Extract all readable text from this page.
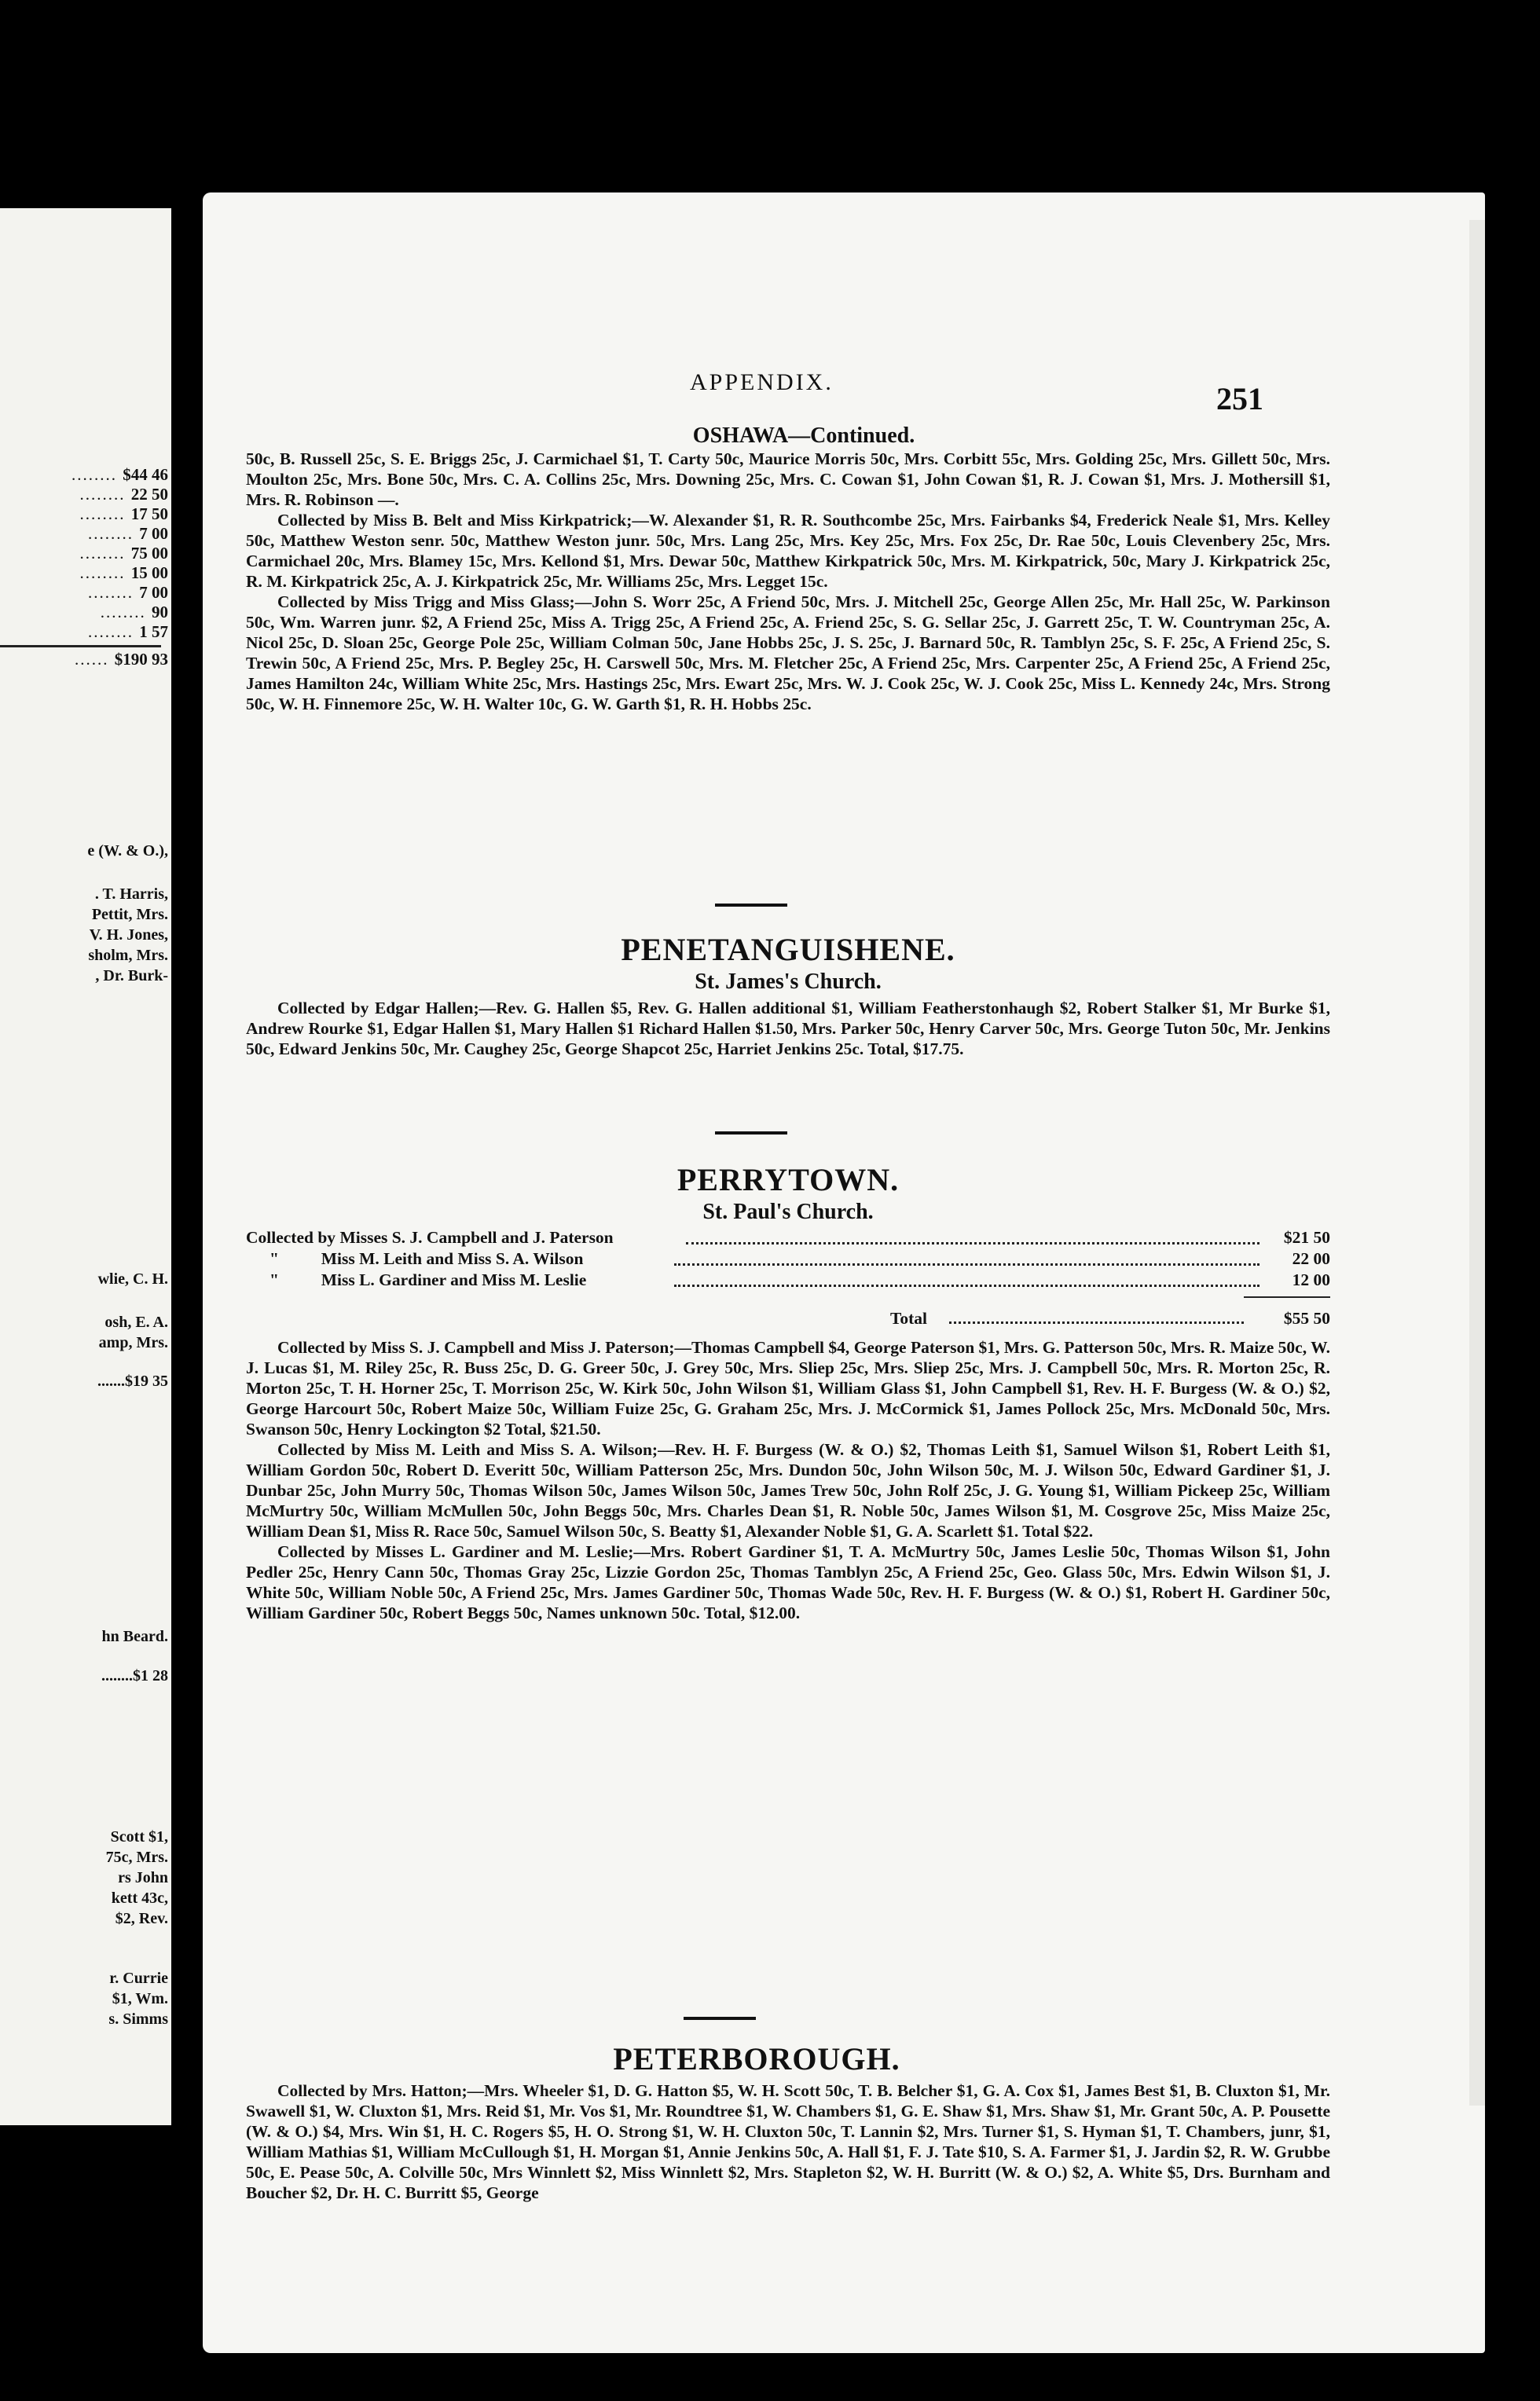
........ $44 46
........ 22 50
........ 17 50
........ 7 00
........ 75 00
........ 15 00
........ 7 00
........ 90
........ 1 57
...... $190 93
e (W. & O.),
. T. Harris,
Pettit, Mrs.
V. H. Jones,
sholm, Mrs.
, Dr. Burk-
wlie, C. H.
osh, E. A.
amp, Mrs.
.......$19 35
hn Beard.
........$1 28
Scott $1,
75c, Mrs.
rs John
kett 43c,
$2, Rev.
r. Currie
$1, Wm.
s. Simms
APPENDIX.	251
OSHAWA—Continued.

50c, B. Russell 25c, S. E. Briggs 25c, J. Carmichael $1, T. Carty 50c, Maurice Morris 50c, Mrs. Corbitt 55c, Mrs. Golding 25c, Mrs. Gillett 50c, Mrs. Moulton 25c, Mrs. Bone 50c, Mrs. C. A. Collins 25c, Mrs. Downing 25c, Mrs. C. Cowan $1, John Cowan $1, R. J. Cowan $1, Mrs. J. Mothersill $1, Mrs. R. Robinson —.

Collected by Miss B. Belt and Miss Kirkpatrick;—W. Alexander $1, R. R. Southcombe 25c, Mrs. Fairbanks $4, Frederick Neale $1, Mrs. Kelley 50c, Matthew Weston senr. 50c, Matthew Weston junr. 50c, Mrs. Lang 25c, Mrs. Key 25c, Mrs. Fox 25c, Dr. Rae 50c, Louis Clevenbery 25c, Mrs. Carmichael 20c, Mrs. Blamey 15c, Mrs. Kellond $1, Mrs. Dewar 50c, Matthew Kirkpatrick 50c, Mrs. M. Kirkpatrick, 50c, Mary J. Kirkpatrick 25c, R. M. Kirkpatrick 25c, A. J. Kirkpatrick 25c, Mr. Williams 25c, Mrs. Legget 15c.

Collected by Miss Trigg and Miss Glass;—John S. Worr 25c, A Friend 50c, Mrs. J. Mitchell 25c, George Allen 25c, Mr. Hall 25c, W. Parkinson 50c, Wm. Warren junr. $2, A Friend 25c, Miss A. Trigg 25c, A Friend 25c, A. Friend 25c, S. G. Sellar 25c, J. Garrett 25c, T. W. Countryman 25c, A. Nicol 25c, D. Sloan 25c, George Pole 25c, William Colman 50c, Jane Hobbs 25c, J. S. 25c, J. Barnard 50c, R. Tamblyn 25c, S. F. 25c, A Friend 25c, S. Trewin 50c, A Friend 25c, Mrs. P. Begley 25c, H. Carswell 50c, Mrs. M. Fletcher 25c, A Friend 25c, Mrs. Carpenter 25c, A Friend 25c, A Friend 25c, James Hamilton 24c, William White 25c, Mrs. Hastings 25c, Mrs. Ewart 25c, Mrs. W. J. Cook 25c, W. J. Cook 25c, Miss L. Kennedy 24c, Mrs. Strong 50c, W. H. Finnemore 25c, W. H. Walter 10c, G. W. Garth $1, R. H. Hobbs 25c.

PENETANGUISHENE.
St. James's Church.

Collected by Edgar Hallen;—Rev. G. Hallen $5, Rev. G. Hallen additional $1, William Featherstonhaugh $2, Robert Stalker $1, Mr Burke $1, Andrew Rourke $1, Edgar Hallen $1, Mary Hallen $1 Richard Hallen $1.50, Mrs. Parker 50c, Henry Carver 50c, Mrs. George Tuton 50c, Mr. Jenkins 50c, Edward Jenkins 50c, Mr. Caughey 25c, George Shapcot 25c, Harriet Jenkins 25c. Total, $17.75.

PERRYTOWN.
St. Paul's Church.
Collected by Misses S. J. Campbell and J. Paterson	$21 50
"	Miss M. Leith and Miss S. A. Wilson	22 00
"	Miss L. Gardiner and Miss M. Leslie	12 00
Total	$55 50

Collected by Miss S. J. Campbell and Miss J. Paterson;—Thomas Campbell $4, George Paterson $1, Mrs. G. Patterson 50c, Mrs. R. Maize 50c, W. J. Lucas $1, M. Riley 25c, R. Buss 25c, D. G. Greer 50c, J. Grey 50c, Mrs. Sliep 25c, Mrs. Sliep 25c, Mrs. J. Campbell 50c, Mrs. R. Morton 25c, R. Morton 25c, T. H. Horner 25c, T. Morrison 25c, W. Kirk 50c, John Wilson $1, William Glass $1, John Campbell $1, Rev. H. F. Burgess (W. & O.) $2, George Harcourt 50c, Robert Maize 50c, William Fuize 25c, G. Graham 25c, Mrs. J. McCormick $1, James Pollock 25c, Mrs. McDonald 50c, Mrs. Swanson 50c, Henry Lockington $2 Total, $21.50.

Collected by Miss M. Leith and Miss S. A. Wilson;—Rev. H. F. Burgess (W. & O.) $2, Thomas Leith $1, Samuel Wilson $1, Robert Leith $1, William Gordon 50c, Robert D. Everitt 50c, William Patterson 25c, Mrs. Dundon 50c, John Wilson 50c, M. J. Wilson 50c, Edward Gardiner $1, J. Dunbar 25c, John Murry 50c, Thomas Wilson 50c, James Wilson 50c, James Trew 50c, John Rolf 25c, J. G. Young $1, William Pickeep 25c, William McMurtry 50c, William McMullen 50c, John Beggs 50c, Mrs. Charles Dean $1, R. Noble 50c, James Wilson $1, M. Cosgrove 25c, Miss Maize 25c, William Dean $1, Miss R. Race 50c, Samuel Wilson 50c, S. Beatty $1, Alexander Noble $1, G. A. Scarlett $1. Total $22.

Collected by Misses L. Gardiner and M. Leslie;—Mrs. Robert Gardiner $1, T. A. McMurtry 50c, James Leslie 50c, Thomas Wilson $1, John Pedler 25c, Henry Cann 50c, Thomas Gray 25c, Lizzie Gordon 25c, Thomas Tamblyn 25c, A Friend 25c, Geo. Glass 50c, Mrs. Edwin Wilson $1, J. White 50c, William Noble 50c, A Friend 25c, Mrs. James Gardiner 50c, Thomas Wade 50c, Rev. H. F. Burgess (W. & O.) $1, Robert H. Gardiner 50c, William Gardiner 50c, Robert Beggs 50c, Names unknown 50c. Total, $12.00.

PETERBOROUGH.

Collected by Mrs. Hatton;—Mrs. Wheeler $1, D. G. Hatton $5, W. H. Scott 50c, T. B. Belcher $1, G. A. Cox $1, James Best $1, B. Cluxton $1, Mr. Swawell $1, W. Cluxton $1, Mrs. Reid $1, Mr. Vos $1, Mr. Roundtree $1, W. Chambers $1, G. E. Shaw $1, Mrs. Shaw $1, Mr. Grant 50c, A. P. Pousette (W. & O.) $4, Mrs. Win $1, H. C. Rogers $5, H. O. Strong $1, W. H. Cluxton 50c, T. Lannin $2, Mrs. Turner $1, S. Hyman $1, T. Chambers, junr, $1, William Mathias $1, William McCullough $1, H. Morgan $1, Annie Jenkins 50c, A. Hall $1, F. J. Tate $10, S. A. Farmer $1, J. Jardin $2, R. W. Grubbe 50c, E. Pease 50c, A. Colville 50c, Mrs Winnlett $2, Miss Winnlett $2, Mrs. Stapleton $2, W. H. Burritt (W. & O.) $2, A. White $5, Drs. Burnham and Boucher $2, Dr. H. C. Burritt $5, George
